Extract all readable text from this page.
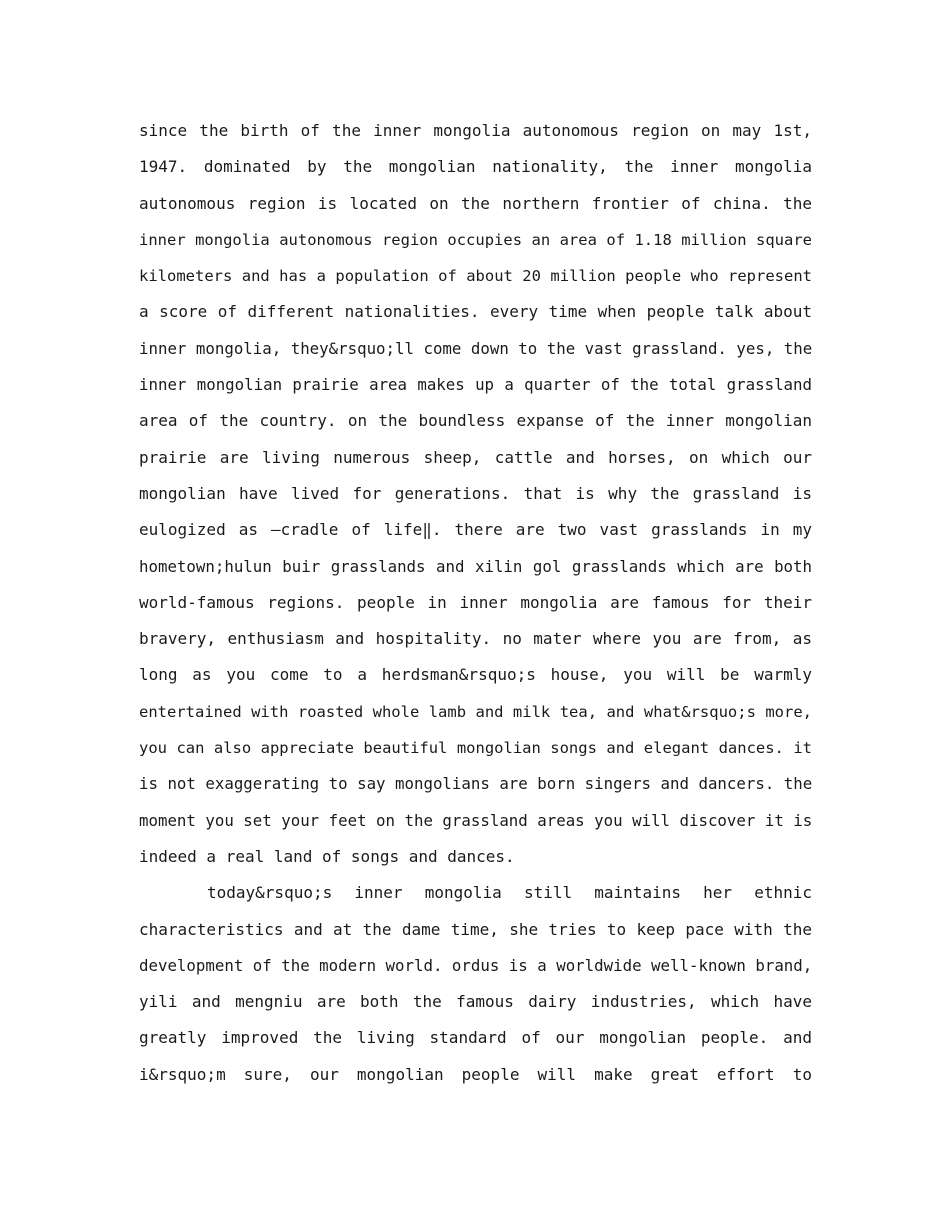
since the birth of the inner mongolia autonomous region on may 1st,
1947. dominated by the mongolian nationality, the inner mongolia
autonomous region is located on the northern frontier of china. the
inner mongolia autonomous region occupies an area of 1.18 million square
kilometers and has a population of about 20 million people who represent
a score of different nationalities. every time when people talk about
inner mongolia, they&rsquo;ll come down to the vast grassland. yes, the
inner mongolian prairie area makes up a quarter of the total grassland
area of the country. on the boundless expanse of the inner mongolian
prairie are living numerous sheep, cattle and horses, on which our
mongolian have lived for generations. that is why the grassland is
eulogized as —cradle of life‖. there are two vast grasslands in my
hometown;hulun buir grasslands and xilin gol grasslands which are both
world-famous regions. people in inner mongolia are famous for their
bravery, enthusiasm and hospitality. no mater where you are from, as
long as you come to a herdsman&rsquo;s house, you will be warmly
entertained with roasted whole lamb and milk tea, and what&rsquo;s more,
you can also appreciate beautiful mongolian songs and elegant dances. it
is not exaggerating to say mongolians are born singers and dancers. the
moment you set your feet on the grassland areas you will discover it is
indeed a real land of songs and dances.
today&rsquo;s inner mongolia still maintains her ethnic
characteristics and at the dame time, she tries to keep pace with the
development of the modern world. ordus is a worldwide well-known brand,
yili and mengniu are both the famous dairy industries, which have
greatly improved the living standard of our mongolian people. and
i&rsquo;m sure, our mongolian people will make great effort to
